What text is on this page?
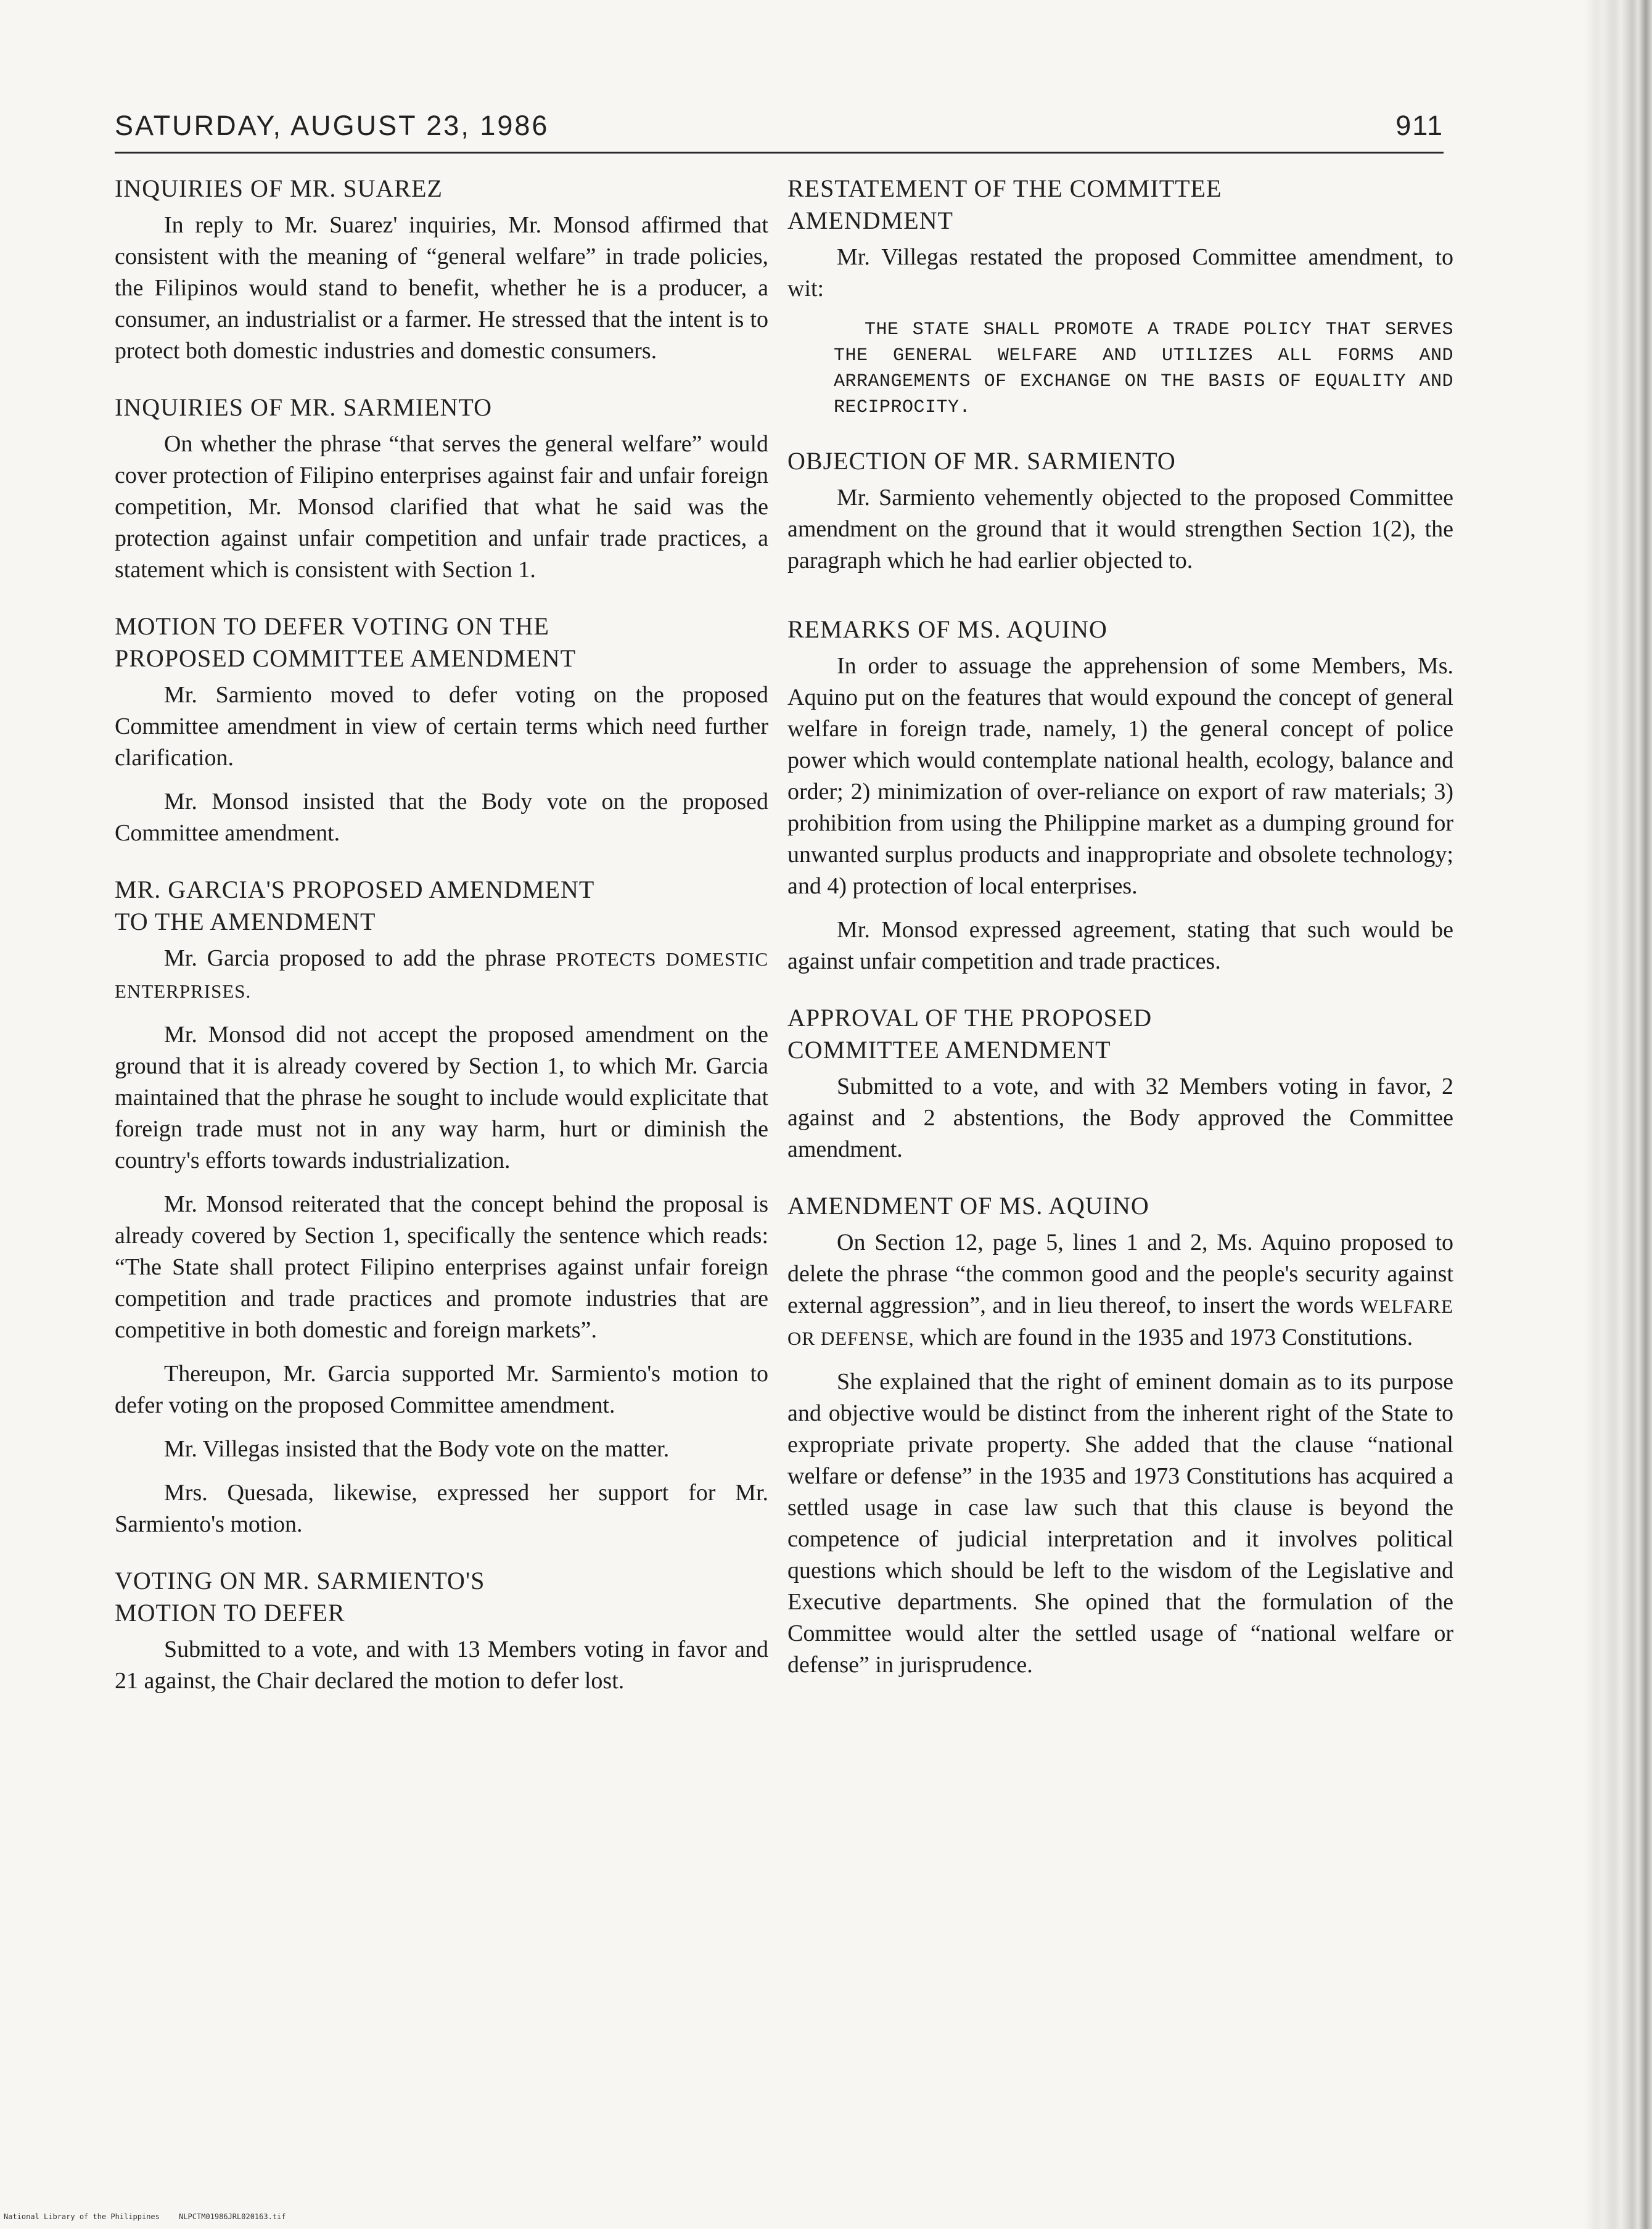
SATURDAY, AUGUST 23, 1986	911
INQUIRIES OF MR. SUAREZ

In reply to Mr. Suarez' inquiries, Mr. Monsod affirmed that consistent with the meaning of “general welfare” in trade policies, the Filipinos would stand to benefit, whether he is a producer, a consumer, an industrialist or a farmer. He stressed that the intent is to protect both domestic industries and domestic consumers.

INQUIRIES OF MR. SARMIENTO

On whether the phrase “that serves the general welfare” would cover protection of Filipino enterprises against fair and unfair foreign competition, Mr. Monsod clarified that what he said was the protection against unfair competition and unfair trade practices, a statement which is consistent with Section 1.

MOTION TO DEFER VOTING ON THE
PROPOSED COMMITTEE AMENDMENT

Mr. Sarmiento moved to defer voting on the proposed Committee amendment in view of certain terms which need further clarification.

Mr. Monsod insisted that the Body vote on the proposed Committee amendment.

MR. GARCIA'S PROPOSED AMENDMENT
TO THE AMENDMENT

Mr. Garcia proposed to add the phrase PROTECTS DOMESTIC ENTERPRISES.

Mr. Monsod did not accept the proposed amendment on the ground that it is already covered by Section 1, to which Mr. Garcia maintained that the phrase he sought to include would explicitate that foreign trade must not in any way harm, hurt or diminish the country's efforts towards industrialization.

Mr. Monsod reiterated that the concept behind the proposal is already covered by Section 1, specifically the sentence which reads: “The State shall protect Filipino enterprises against unfair foreign competition and trade practices and promote industries that are competitive in both domestic and foreign markets”.

Thereupon, Mr. Garcia supported Mr. Sarmiento's motion to defer voting on the proposed Committee amendment.

Mr. Villegas insisted that the Body vote on the matter.

Mrs. Quesada, likewise, expressed her support for Mr. Sarmiento's motion.

VOTING ON MR. SARMIENTO'S
MOTION TO DEFER

Submitted to a vote, and with 13 Members voting in favor and 21 against, the Chair declared the motion to defer lost.

RESTATEMENT OF THE COMMITTEE
AMENDMENT

Mr. Villegas restated the proposed Committee amendment, to wit:

THE STATE SHALL PROMOTE A TRADE POLICY THAT SERVES THE GENERAL WELFARE AND UTILIZES ALL FORMS AND ARRANGEMENTS OF EXCHANGE ON THE BASIS OF EQUALITY AND RECIPROCITY.

OBJECTION OF MR. SARMIENTO

Mr. Sarmiento vehemently objected to the proposed Committee amendment on the ground that it would strengthen Section 1(2), the paragraph which he had earlier objected to.

REMARKS OF MS. AQUINO

In order to assuage the apprehension of some Members, Ms. Aquino put on the features that would expound the concept of general welfare in foreign trade, namely, 1) the general concept of police power which would contemplate national health, ecology, balance and order; 2) minimization of over-reliance on export of raw materials; 3) prohibition from using the Philippine market as a dumping ground for unwanted surplus products and inappropriate and obsolete technology; and 4) protection of local enterprises.

Mr. Monsod expressed agreement, stating that such would be against unfair competition and trade practices.

APPROVAL OF THE PROPOSED
COMMITTEE AMENDMENT

Submitted to a vote, and with 32 Members voting in favor, 2 against and 2 abstentions, the Body approved the Committee amendment.

AMENDMENT OF MS. AQUINO

On Section 12, page 5, lines 1 and 2, Ms. Aquino proposed to delete the phrase “the common good and the people's security against external aggression”, and in lieu thereof, to insert the words WELFARE OR DEFENSE, which are found in the 1935 and 1973 Constitutions.

She explained that the right of eminent domain as to its purpose and objective would be distinct from the inherent right of the State to expropriate private property. She added that the clause “national welfare or defense” in the 1935 and 1973 Constitutions has acquired a settled usage in case law such that this clause is beyond the competence of judicial interpretation and it involves political questions which should be left to the wisdom of the Legislative and Executive departments. She opined that the formulation of the Committee would alter the settled usage of “national welfare or defense” in jurisprudence.

National Library of the Philippines	NLPCTM01986JRL020163.tif
